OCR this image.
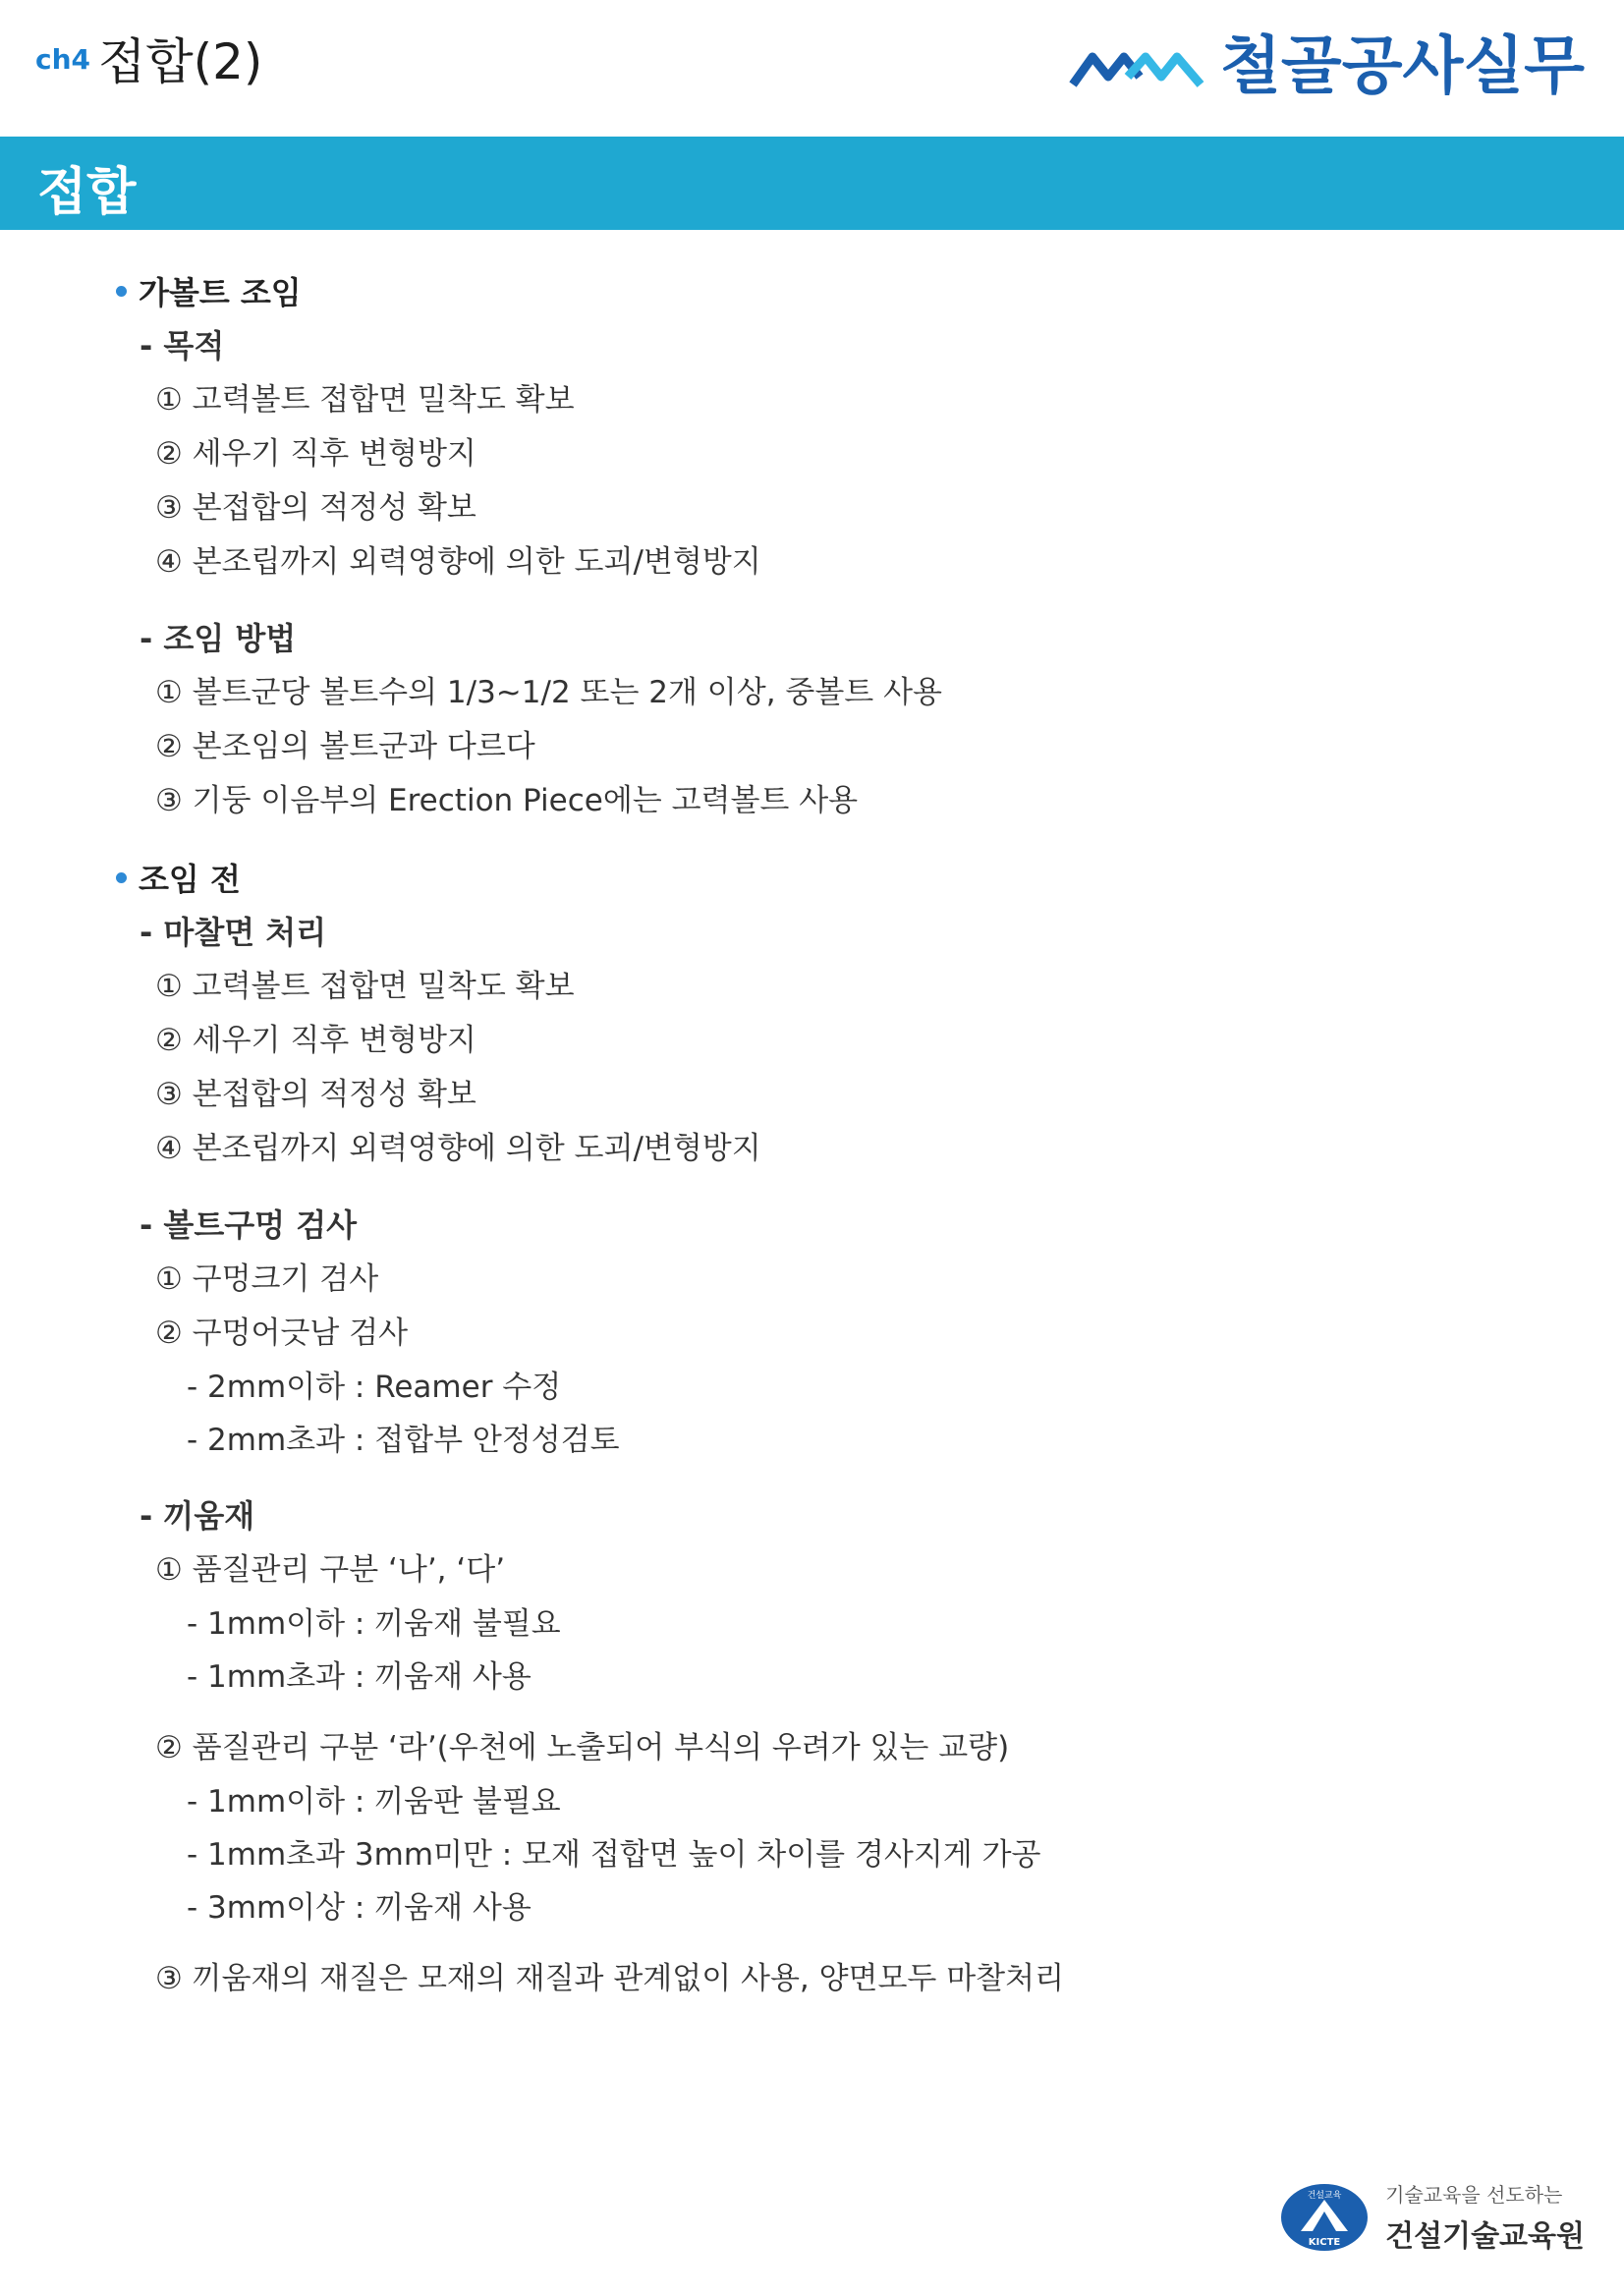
ch4 접합(2)	철골공사실무
접합
가볼트 조임
- 목적
① 고력볼트 접합면 밀착도 확보
② 세우기 직후 변형방지
③ 본접합의 적정성 확보
④ 본조립까지 외력영향에 의한 도괴/변형방지
- 조임 방법
① 볼트군당 볼트수의 1/3~1/2 또는 2개 이상, 중볼트 사용
② 본조임의 볼트군과 다르다
③ 기둥 이음부의 Erection Piece에는 고력볼트 사용
조임 전
- 마찰면 처리
① 고력볼트 접합면 밀착도 확보
② 세우기 직후 변형방지
③ 본접합의 적정성 확보
④ 본조립까지 외력영향에 의한 도괴/변형방지
- 볼트구멍 검사
① 구멍크기 검사
② 구멍어긋남 검사
- 2mm이하 : Reamer 수정
- 2mm초과 : 접합부 안정성검토
- 끼움재
① 품질관리 구분 ‘나’, ‘다’
- 1mm이하 : 끼움재 불필요
- 1mm초과 : 끼움재 사용
② 품질관리 구분 ‘라’(우천에 노출되어 부식의 우려가 있는 교량)
- 1mm이하 : 끼움판 불필요
- 1mm초과 3mm미만 : 모재 접합면 높이 차이를 경사지게 가공
- 3mm이상 : 끼움재 사용
③ 끼움재의 재질은 모재의 재질과 관계없이 사용, 양면모두 마찰처리
건설교육
KICTE
기술교육을 선도하는
건설기술교육원
